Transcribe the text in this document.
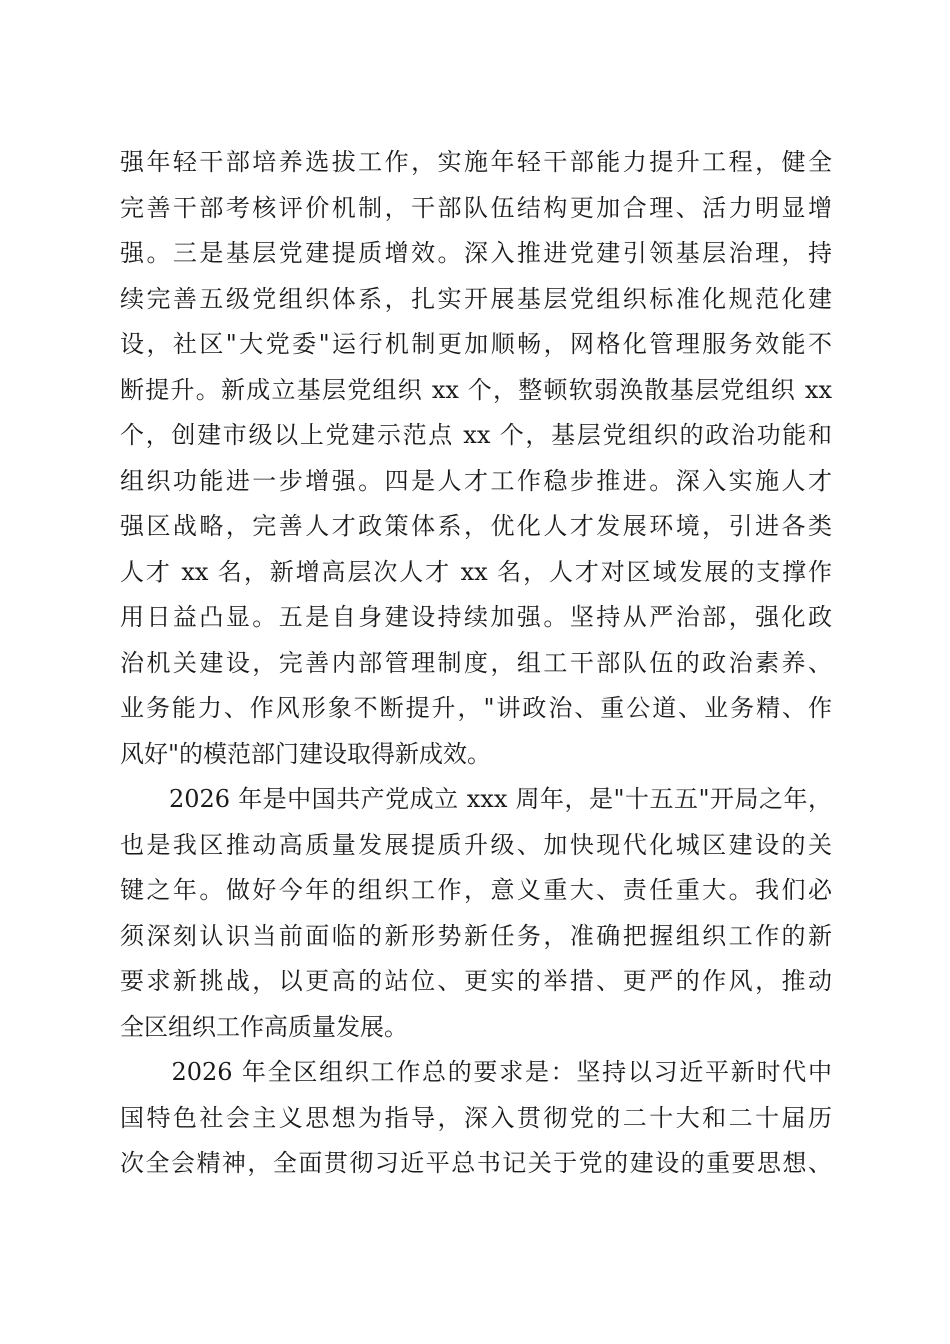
强年轻干部培养选拔工作，实施年轻干部能力提升工程，健全
完善干部考核评价机制，干部队伍结构更加合理、活力明显增
强。三是基层党建提质增效。深入推进党建引领基层治理，持
续完善五级党组织体系，扎实开展基层党组织标准化规范化建
设，社区"大党委"运行机制更加顺畅，网格化管理服务效能不
断提升。新成立基层党组织 xx 个，整顿软弱涣散基层党组织 xx
个，创建市级以上党建示范点 xx 个，基层党组织的政治功能和
组织功能进一步增强。四是人才工作稳步推进。深入实施人才
强区战略，完善人才政策体系，优化人才发展环境，引进各类
人才 xx 名，新增高层次人才 xx 名，人才对区域发展的支撑作
用日益凸显。五是自身建设持续加强。坚持从严治部，强化政
治机关建设，完善内部管理制度，组工干部队伍的政治素养、
业务能力、作风形象不断提升，"讲政治、重公道、业务精、作
风好"的模范部门建设取得新成效。
　　2026 年是中国共产党成立 xxx 周年，是"十五五"开局之年，
也是我区推动高质量发展提质升级、加快现代化城区建设的关
键之年。做好今年的组织工作，意义重大、责任重大。我们必
须深刻认识当前面临的新形势新任务，准确把握组织工作的新
要求新挑战，以更高的站位、更实的举措、更严的作风，推动
全区组织工作高质量发展。
　　2026 年全区组织工作总的要求是：坚持以习近平新时代中
国特色社会主义思想为指导，深入贯彻党的二十大和二十届历
次全会精神，全面贯彻习近平总书记关于党的建设的重要思想、
